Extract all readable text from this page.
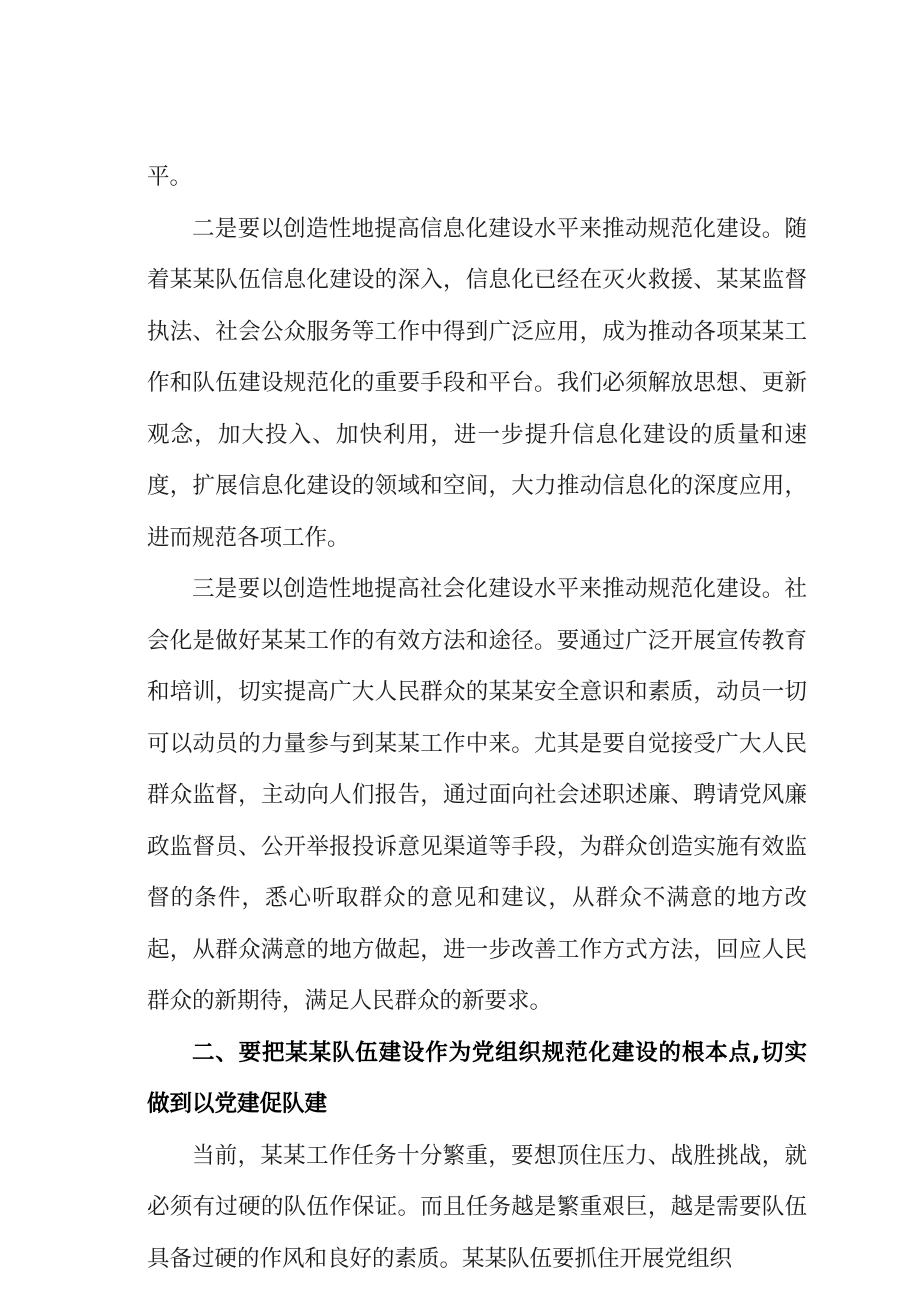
平。

二是要以创造性地提高信息化建设水平来推动规范化建设。随着某某队伍信息化建设的深入，信息化已经在灭火救援、某某监督执法、社会公众服务等工作中得到广泛应用，成为推动各项某某工作和队伍建设规范化的重要手段和平台。我们必须解放思想、更新观念，加大投入、加快利用，进一步提升信息化建设的质量和速度，扩展信息化建设的领域和空间，大力推动信息化的深度应用，进而规范各项工作。

三是要以创造性地提高社会化建设水平来推动规范化建设。社会化是做好某某工作的有效方法和途径。要通过广泛开展宣传教育和培训，切实提高广大人民群众的某某安全意识和素质，动员一切可以动员的力量参与到某某工作中来。尤其是要自觉接受广大人民群众监督，主动向人们报告，通过面向社会述职述廉、聘请党风廉政监督员、公开举报投诉意见渠道等手段，为群众创造实施有效监督的条件，悉心听取群众的意见和建议，从群众不满意的地方改起，从群众满意的地方做起，进一步改善工作方式方法，回应人民群众的新期待，满足人民群众的新要求。

二、要把某某队伍建设作为党组织规范化建设的根本点,切实做到以党建促队建

当前，某某工作任务十分繁重，要想顶住压力、战胜挑战，就必须有过硬的队伍作保证。而且任务越是繁重艰巨，越是需要队伍具备过硬的作风和良好的素质。某某队伍要抓住开展党组织
